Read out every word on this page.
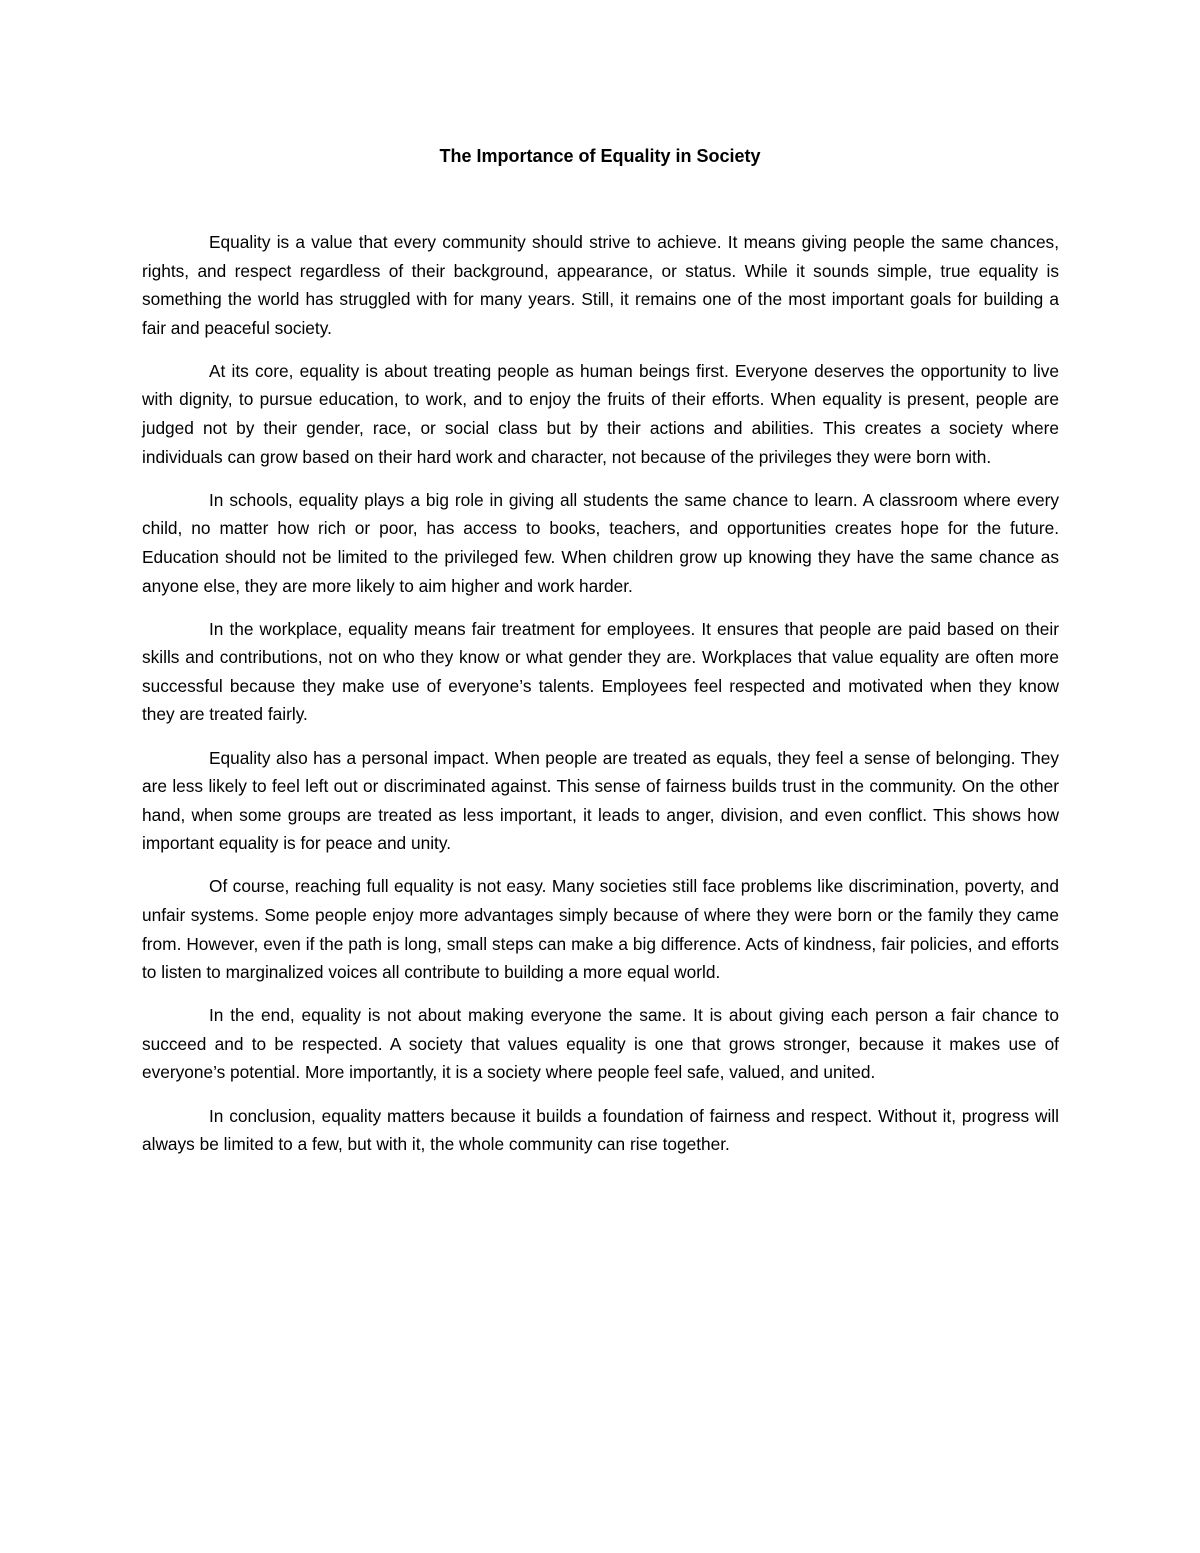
The Importance of Equality in Society

Equality is a value that every community should strive to achieve. It means giving people the same chances, rights, and respect regardless of their background, appearance, or status. While it sounds simple, true equality is something the world has struggled with for many years. Still, it remains one of the most important goals for building a fair and peaceful society.

At its core, equality is about treating people as human beings first. Everyone deserves the opportunity to live with dignity, to pursue education, to work, and to enjoy the fruits of their efforts. When equality is present, people are judged not by their gender, race, or social class but by their actions and abilities. This creates a society where individuals can grow based on their hard work and character, not because of the privileges they were born with.

In schools, equality plays a big role in giving all students the same chance to learn. A classroom where every child, no matter how rich or poor, has access to books, teachers, and opportunities creates hope for the future. Education should not be limited to the privileged few. When children grow up knowing they have the same chance as anyone else, they are more likely to aim higher and work harder.

In the workplace, equality means fair treatment for employees. It ensures that people are paid based on their skills and contributions, not on who they know or what gender they are. Workplaces that value equality are often more successful because they make use of everyone’s talents. Employees feel respected and motivated when they know they are treated fairly.

Equality also has a personal impact. When people are treated as equals, they feel a sense of belonging. They are less likely to feel left out or discriminated against. This sense of fairness builds trust in the community. On the other hand, when some groups are treated as less important, it leads to anger, division, and even conflict. This shows how important equality is for peace and unity.

Of course, reaching full equality is not easy. Many societies still face problems like discrimination, poverty, and unfair systems. Some people enjoy more advantages simply because of where they were born or the family they came from. However, even if the path is long, small steps can make a big difference. Acts of kindness, fair policies, and efforts to listen to marginalized voices all contribute to building a more equal world.

In the end, equality is not about making everyone the same. It is about giving each person a fair chance to succeed and to be respected. A society that values equality is one that grows stronger, because it makes use of everyone’s potential. More importantly, it is a society where people feel safe, valued, and united.

In conclusion, equality matters because it builds a foundation of fairness and respect. Without it, progress will always be limited to a few, but with it, the whole community can rise together.
